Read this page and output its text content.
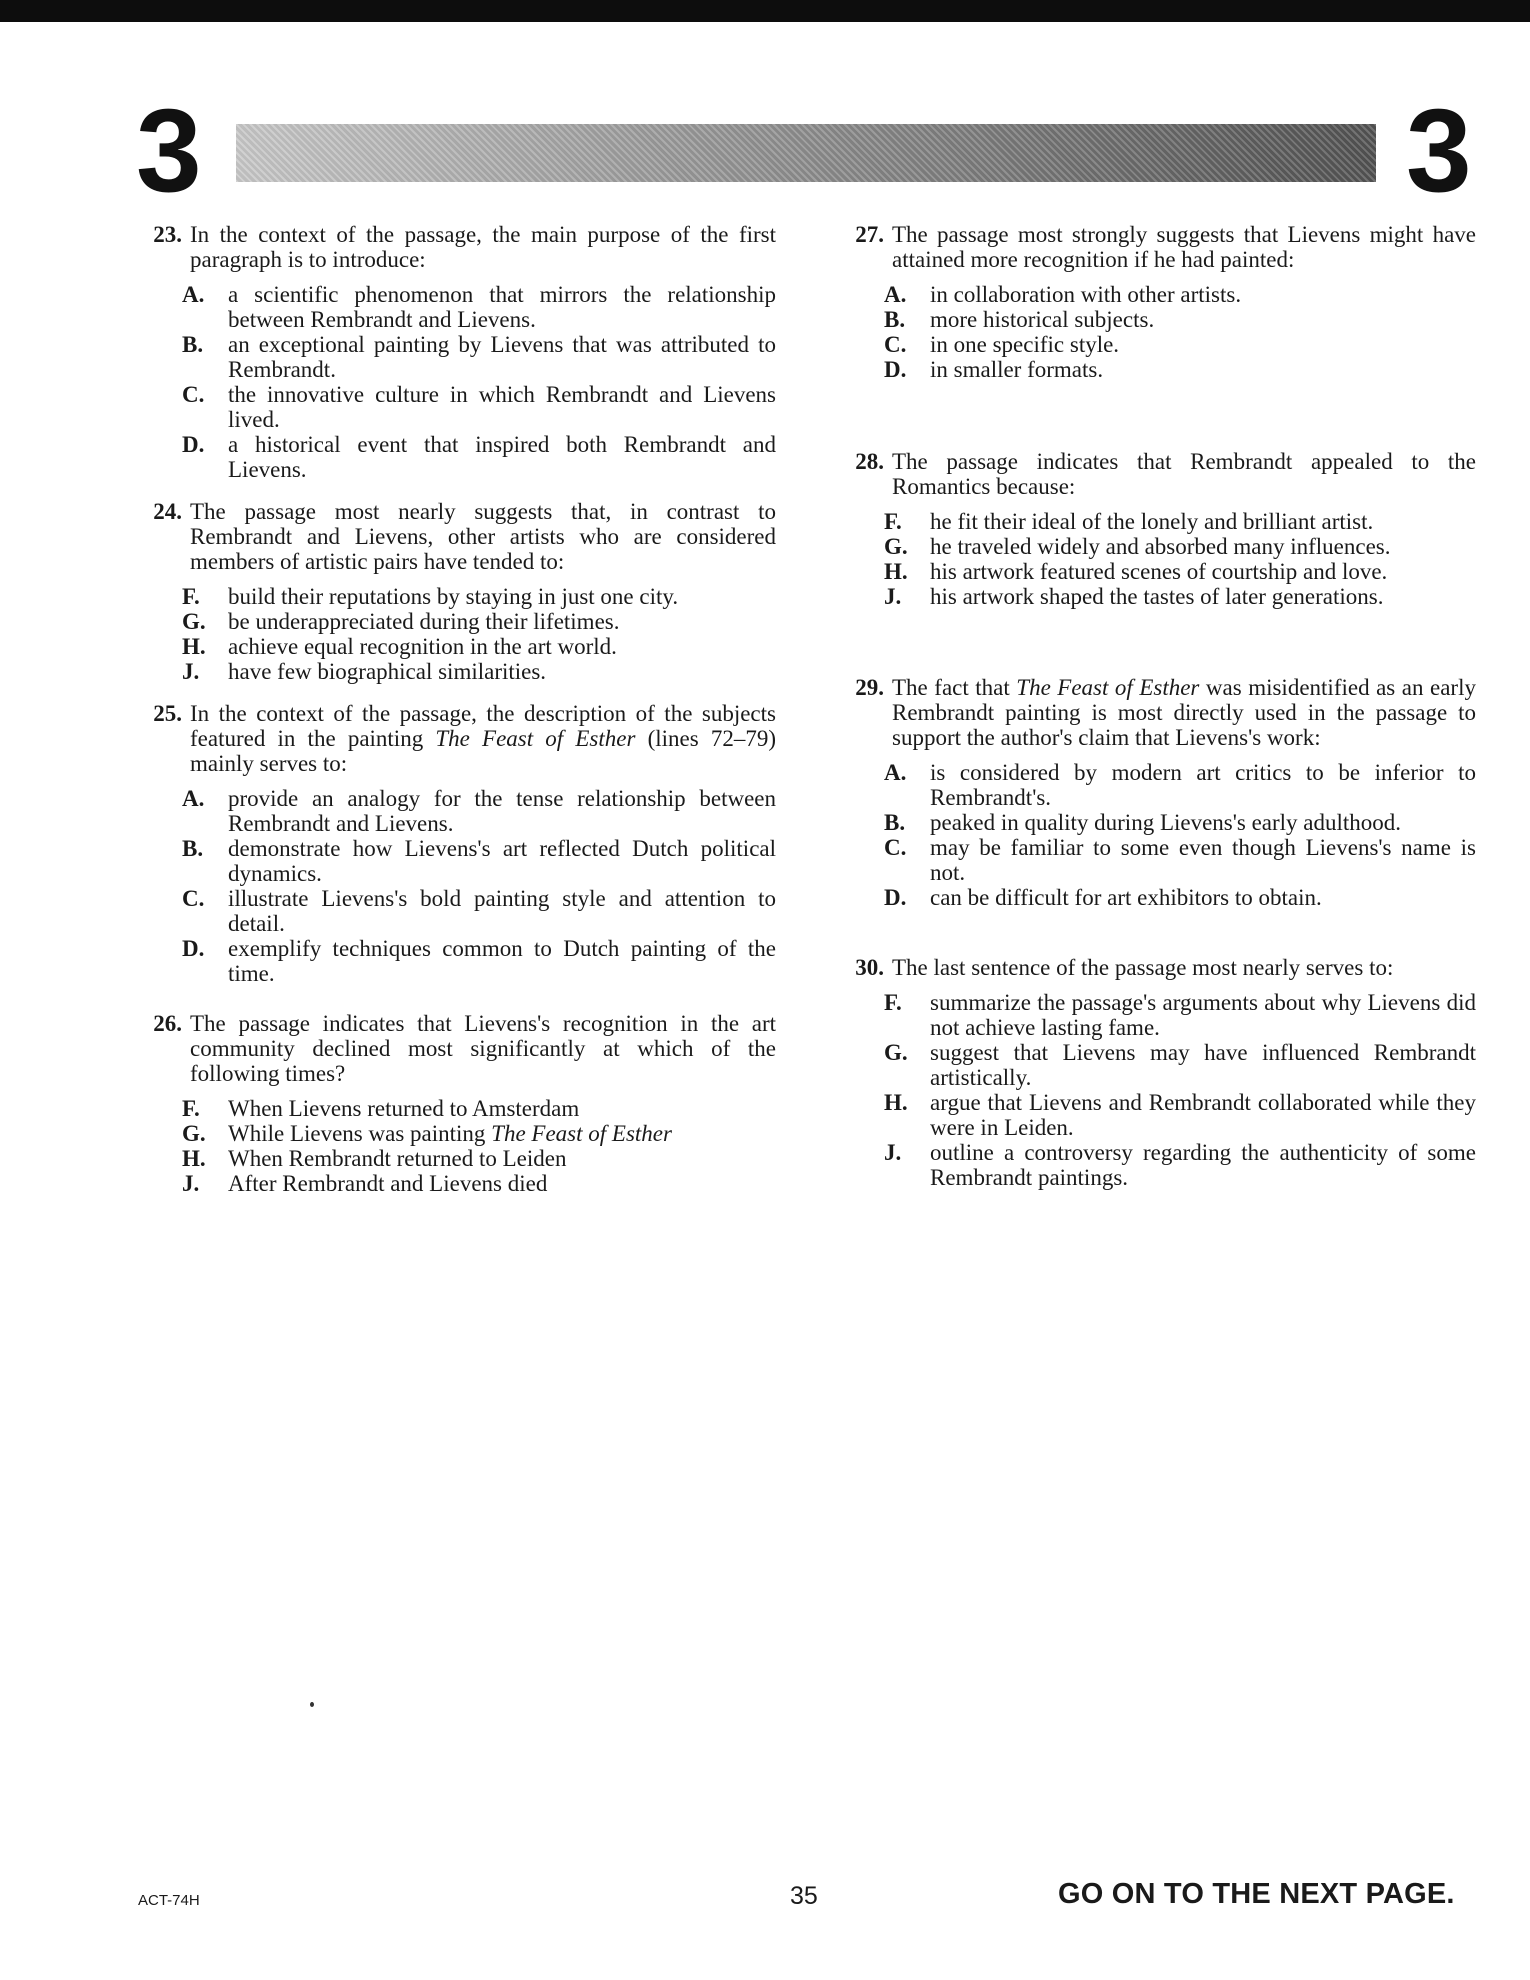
3	3
23. In the context of the passage, the main purpose of the first paragraph is to introduce:
A.	a scientific phenomenon that mirrors the relationship between Rembrandt and Lievens.
B.	an exceptional painting by Lievens that was attributed to Rembrandt.
C.	the innovative culture in which Rembrandt and Lievens lived.
D.	a historical event that inspired both Rembrandt and Lievens.
24. The passage most nearly suggests that, in contrast to Rembrandt and Lievens, other artists who are considered members of artistic pairs have tended to:
F.	build their reputations by staying in just one city.
G. be underappreciated during their lifetimes.
H. achieve equal recognition in the art world.
J.	have few biographical similarities.
25. In the context of the passage, the description of the subjects featured in the painting The Feast of Esther (lines 72–79) mainly serves to:
A.	provide an analogy for the tense relationship between Rembrandt and Lievens.
B.	demonstrate how Lievens's art reflected Dutch political dynamics.
C.	illustrate Lievens's bold painting style and attention to detail.
D.	exemplify techniques common to Dutch painting of the time.
26. The passage indicates that Lievens's recognition in the art community declined most significantly at which of the following times?
F.	When Lievens returned to Amsterdam
G. While Lievens was painting The Feast of Esther
H. When Rembrandt returned to Leiden
J.	After Rembrandt and Lievens died
27. The passage most strongly suggests that Lievens might have attained more recognition if he had painted:
A.	in collaboration with other artists.
B.	more historical subjects.
C.	in one specific style.
D.	in smaller formats.
28. The passage indicates that Rembrandt appealed to the Romantics because:
F.	he fit their ideal of the lonely and brilliant artist.
G. he traveled widely and absorbed many influences.
H. his artwork featured scenes of courtship and love.
J.	his artwork shaped the tastes of later generations.
29. The fact that The Feast of Esther was misidentified as an early Rembrandt painting is most directly used in the passage to support the author's claim that Lievens's work:
A.	is considered by modern art critics to be inferior to Rembrandt's.
B.	peaked in quality during Lievens's early adulthood.
C.	may be familiar to some even though Lievens's name is not.
D.	can be difficult for art exhibitors to obtain.
30. The last sentence of the passage most nearly serves to:
F.	summarize the passage's arguments about why Lievens did not achieve lasting fame.
G. suggest that Lievens may have influenced Rembrandt artistically.
H. argue that Lievens and Rembrandt collaborated while they were in Leiden.
J.	outline a controversy regarding the authenticity of some Rembrandt paintings.
ACT-74H	35	GO ON TO THE NEXT PAGE.
